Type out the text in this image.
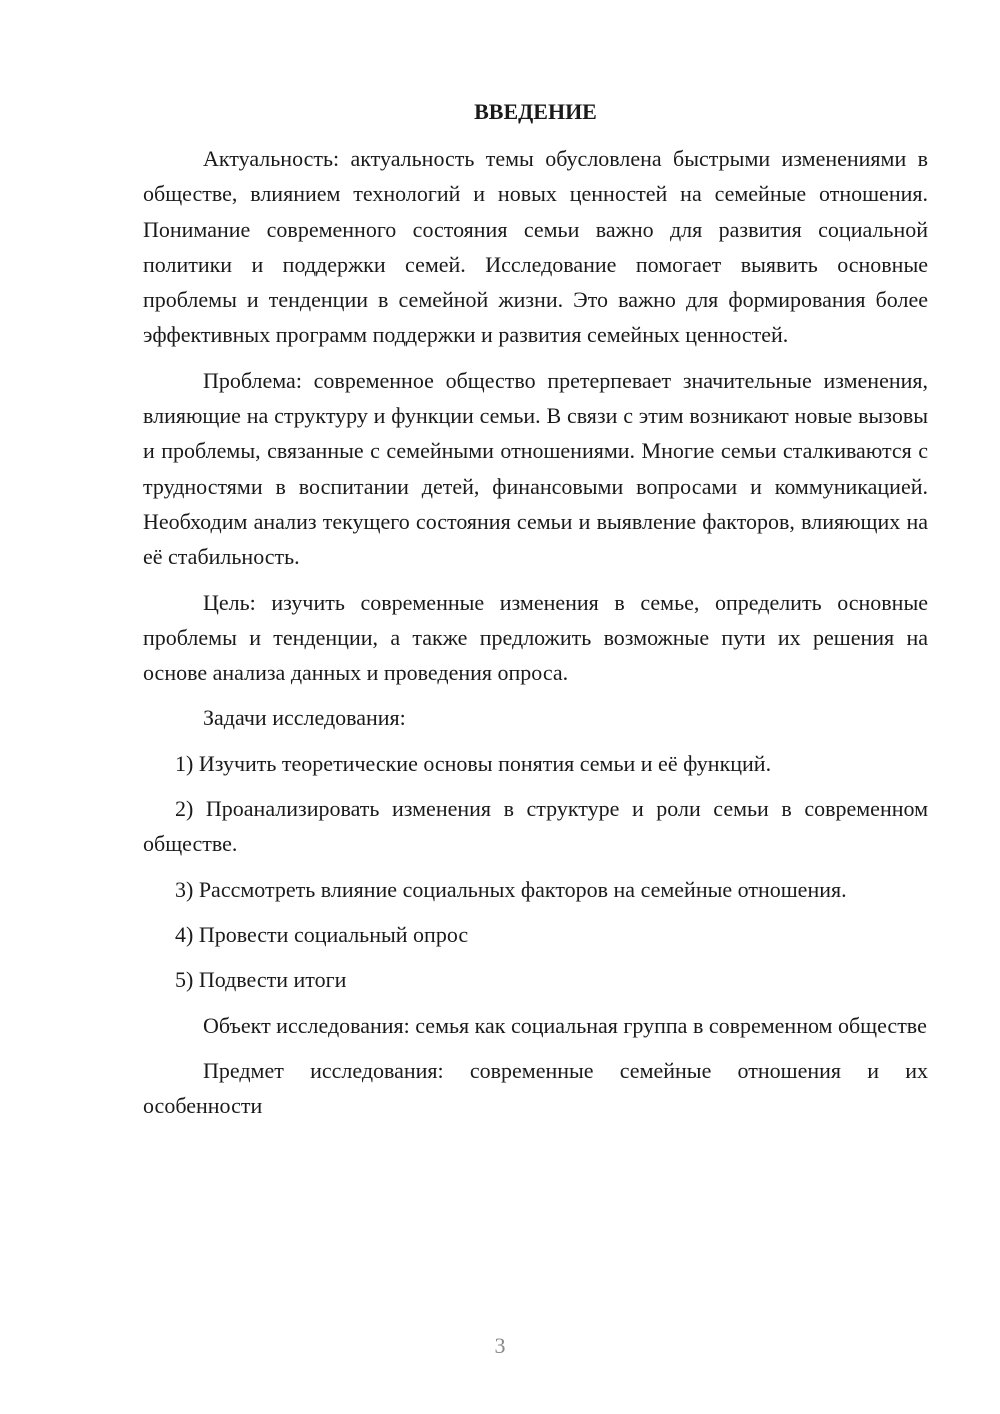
ВВЕДЕНИЕ

Актуальность: актуальность темы обусловлена быстрыми изменениями в обществе, влиянием технологий и новых ценностей на семейные отношения. Понимание современного состояния семьи важно для развития социальной политики и поддержки семей. Исследование помогает выявить основные проблемы и тенденции в семейной жизни. Это важно для формирования более эффективных программ поддержки и развития семейных ценностей.

Проблема: современное общество претерпевает значительные изменения, влияющие на структуру и функции семьи. В связи с этим возникают новые вызовы и проблемы, связанные с семейными отношениями. Многие семьи сталкиваются с трудностями в воспитании детей, финансовыми вопросами и коммуникацией. Необходим анализ текущего состояния семьи и выявление факторов, влияющих на её стабильность.

Цель: изучить современные изменения в семье, определить основные проблемы и тенденции, а также предложить возможные пути их решения на основе анализа данных и проведения опроса.

Задачи исследования:

1) Изучить теоретические основы понятия семьи и её функций.

2) Проанализировать изменения в структуре и роли семьи в современном обществе.

3) Рассмотреть влияние социальных факторов на семейные отношения.

4) Провести социальный опрос

5) Подвести итоги

Объект исследования: семья как социальная группа в современном обществе

Предмет исследования: современные семейные отношения и их особенности

3
